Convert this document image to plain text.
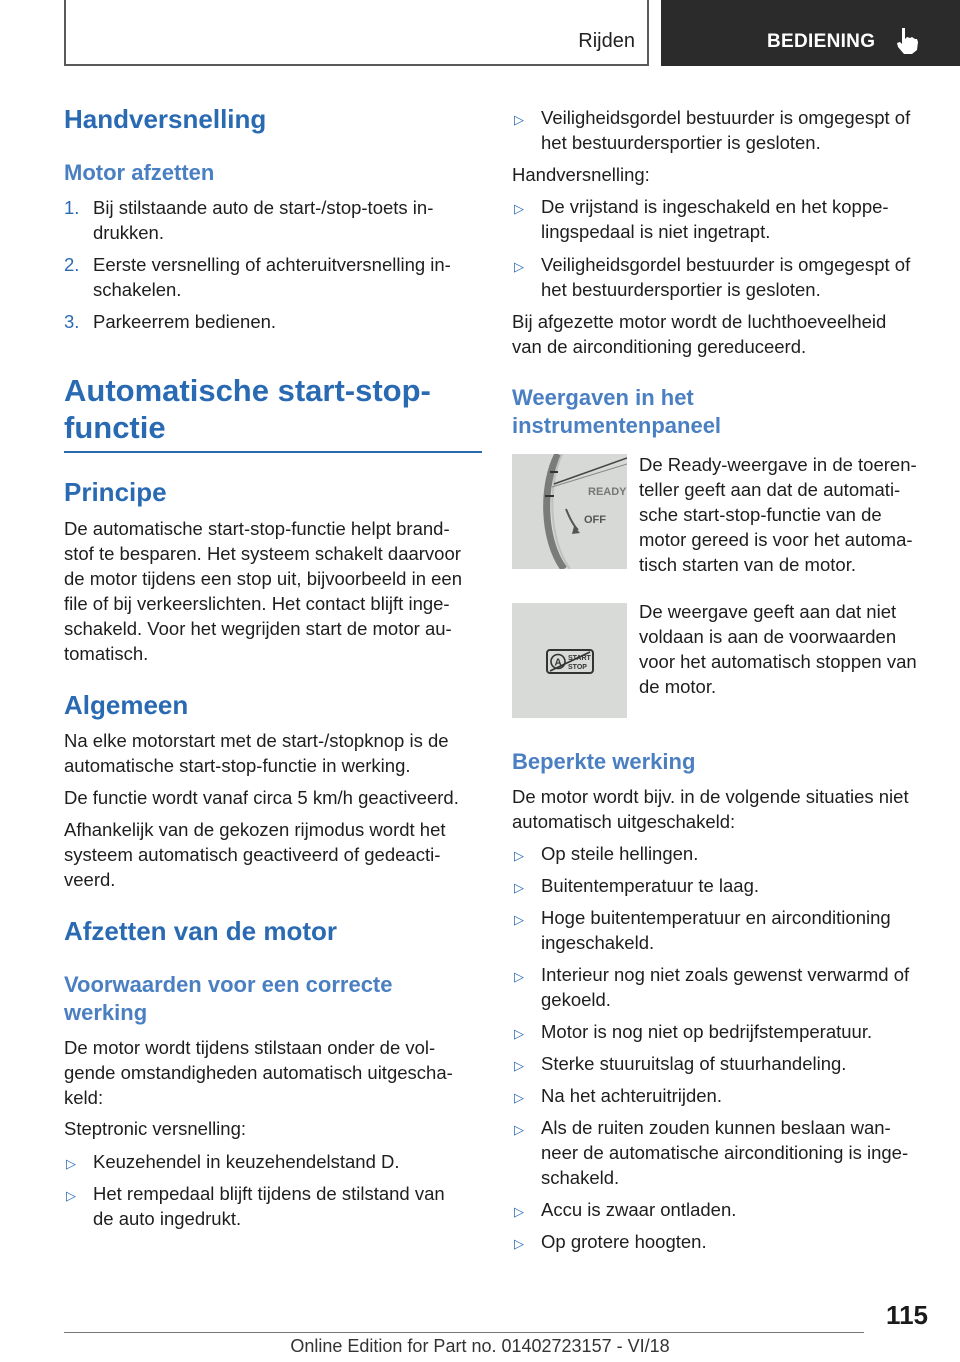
Rijden	BEDIENING
Handversnelling
Motor afzetten
1. Bij stilstaande auto de start-/stop-toets in-
drukken.
2. Eerste versnelling of achteruitversnelling in-
schakelen.
3. Parkeerrem bedienen.
Automatische start-stop-
functie
Principe
De automatische start-stop-functie helpt brand-
stof te besparen. Het systeem schakelt daarvoor
de motor tijdens een stop uit, bijvoorbeeld in een
file of bij verkeerslichten. Het contact blijft inge-
schakeld. Voor het wegrijden start de motor au-
tomatisch.
Algemeen
Na elke motorstart met de start-/stopknop is de
automatische start-stop-functie in werking.
De functie wordt vanaf circa 5 km/h geactiveerd.
Afhankelijk van de gekozen rijmodus wordt het
systeem automatisch geactiveerd of gedeacti-
veerd.
Afzetten van de motor
Voorwaarden voor een correcte
werking
De motor wordt tijdens stilstaan onder de vol-
gende omstandigheden automatisch uitgescha-
keld:
Steptronic versnelling:
▷ Keuzehendel in keuzehendelstand D.
▷ Het rempedaal blijft tijdens de stilstand van
de auto ingedrukt.
▷ Veiligheidsgordel bestuurder is omgegespt of
het bestuurdersportier is gesloten.
Handversnelling:
▷ De vrijstand is ingeschakeld en het koppe-
lingspedaal is niet ingetrapt.
▷ Veiligheidsgordel bestuurder is omgegespt of
het bestuurdersportier is gesloten.
Bij afgezette motor wordt de luchthoeveelheid
van de airconditioning gereduceerd.
Weergaven in het
instrumentenpaneel
READY
OFF
De Ready-weergave in de toeren-
teller geeft aan dat de automati-
sche start-stop-functie van de
motor gereed is voor het automa-
tisch starten van de motor.
A START
STOP
De weergave geeft aan dat niet
voldaan is aan de voorwaarden
voor het automatisch stoppen van
de motor.
Beperkte werking
De motor wordt bijv. in de volgende situaties niet
automatisch uitgeschakeld:
▷ Op steile hellingen.
▷ Buitentemperatuur te laag.
▷ Hoge buitentemperatuur en airconditioning
ingeschakeld.
▷ Interieur nog niet zoals gewenst verwarmd of
gekoeld.
▷ Motor is nog niet op bedrijfstemperatuur.
▷ Sterke stuuruitslag of stuurhandeling.
▷ Na het achteruitrijden.
▷ Als de ruiten zouden kunnen beslaan wan-
neer de automatische airconditioning is inge-
schakeld.
▷ Accu is zwaar ontladen.
▷ Op grotere hoogten.
115
Online Edition for Part no. 01402723157 - VI/18
